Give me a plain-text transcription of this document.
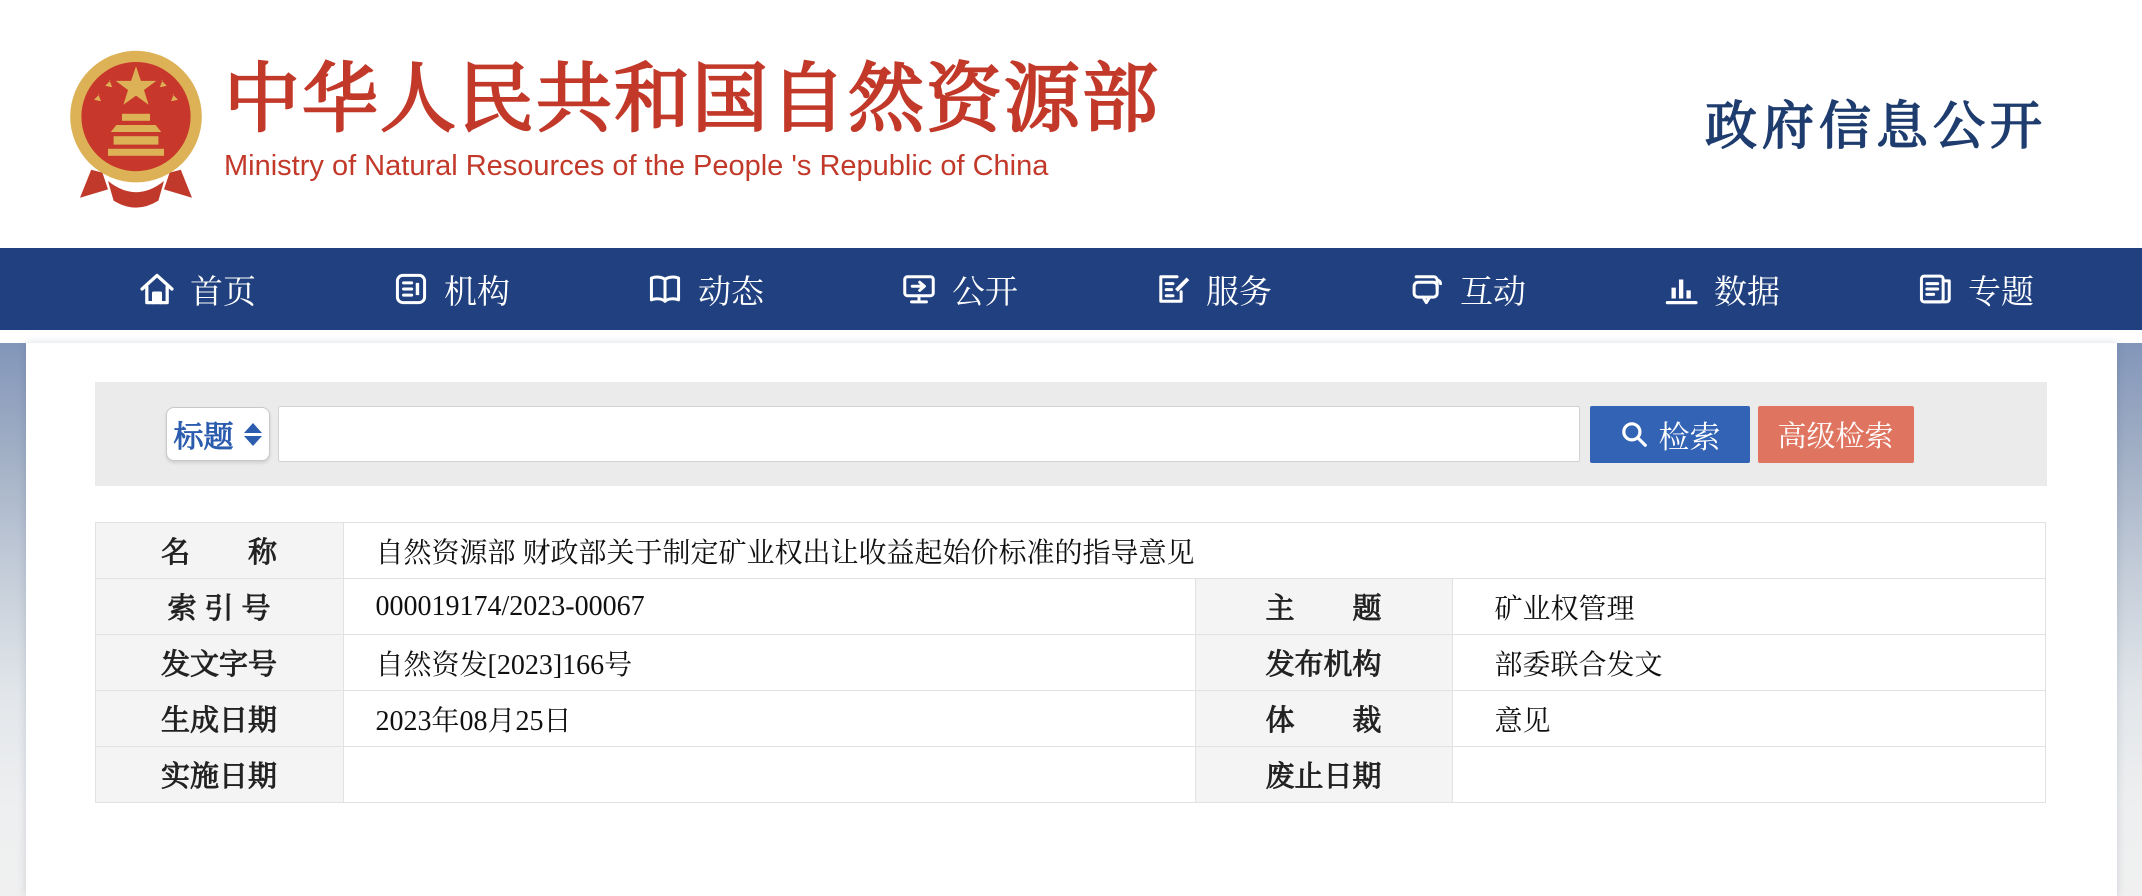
中华人民共和国自然资源部
Ministry of Natural Resources of the People 's Republic of China
政府信息公开
首页	机构	动态	公开	服务	互动	数据	专题
标题	检索 高级检索
名　　称	自然资源部 财政部关于制定矿业权出让收益起始价标准的指导意见		
索 引 号	000019174/2023-00067	主　　题	矿业权管理
发文字号	自然资发[2023]166号	发布机构	部委联合发文
生成日期	2023年08月25日	体　　裁	意见
实施日期		废止日期	
